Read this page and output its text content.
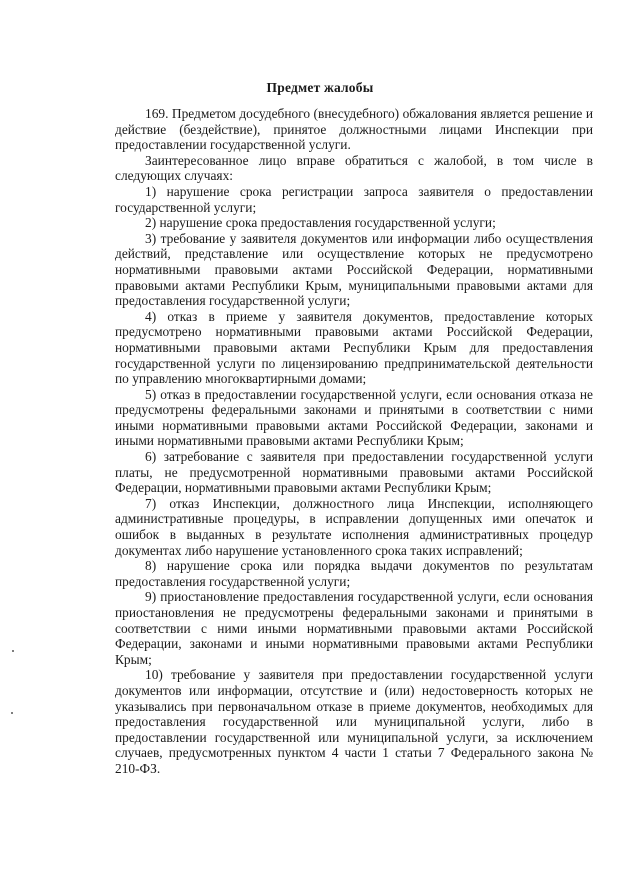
Предмет жалобы

169. Предметом досудебного (внесудебного) обжалования является решение и действие (бездействие), принятое должностными лицами Инспекции при предоставлении государственной услуги.

Заинтересованное лицо вправе обратиться с жалобой, в том числе в следующих случаях:

1) нарушение срока регистрации запроса заявителя о предоставлении государственной услуги;

2) нарушение срока предоставления государственной услуги;

3) требование у заявителя документов или информации либо осуществления действий, представление или осуществление которых не предусмотрено нормативными правовыми актами Российской Федерации, нормативными правовыми актами Республики Крым, муниципальными правовыми актами для предоставления государственной услуги;

4) отказ в приеме у заявителя документов, предоставление которых предусмотрено нормативными правовыми актами Российской Федерации, нормативными правовыми актами Республики Крым для предоставления государственной услуги по лицензированию предпринимательской деятельности по управлению многоквартирными домами;

5) отказ в предоставлении государственной услуги, если основания отказа не предусмотрены федеральными законами и принятыми в соответствии с ними иными нормативными правовыми актами Российской Федерации, законами и иными нормативными правовыми актами Республики Крым;

6) затребование с заявителя при предоставлении государственной услуги платы, не предусмотренной нормативными правовыми актами Российской Федерации, нормативными правовыми актами Республики Крым;

7) отказ Инспекции, должностного лица Инспекции, исполняющего административные процедуры, в исправлении допущенных ими опечаток и ошибок в выданных в результате исполнения административных процедур документах либо нарушение установленного срока таких исправлений;

8) нарушение срока или порядка выдачи документов по результатам предоставления государственной услуги;

9) приостановление предоставления государственной услуги, если основания приостановления не предусмотрены федеральными законами и принятыми в соответствии с ними иными нормативными правовыми актами Российской Федерации, законами и иными нормативными правовыми актами Республики Крым;

10) требование у заявителя при предоставлении государственной услуги документов или информации, отсутствие и (или) недостоверность которых не указывались при первоначальном отказе в приеме документов, необходимых для предоставления государственной или муниципальной услуги, либо в предоставлении государственной или муниципальной услуги, за исключением случаев, предусмотренных пунктом 4 части 1 статьи 7 Федерального закона № 210-ФЗ.
